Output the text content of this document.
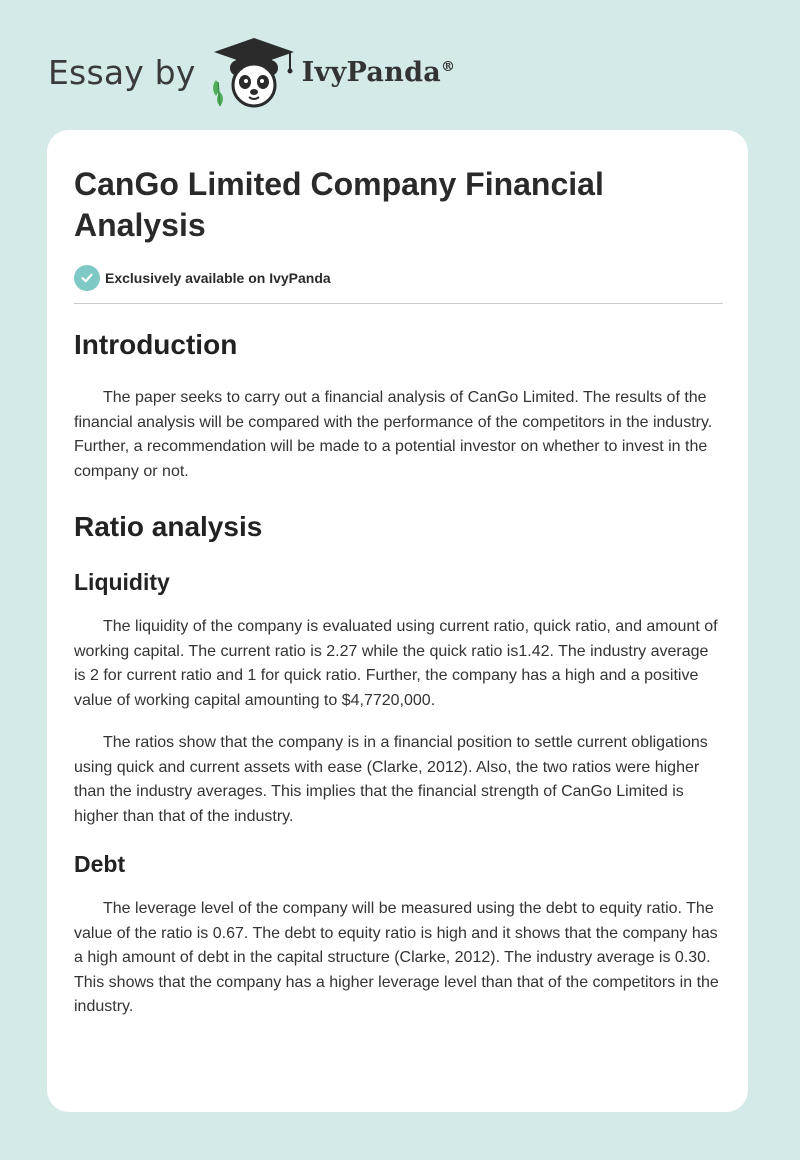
Essay by	IvyPanda®
CanGo Limited Company Financial Analysis
Exclusively available on IvyPanda
Introduction

The paper seeks to carry out a financial analysis of CanGo Limited. The results of the financial analysis will be compared with the performance of the competitors in the industry. Further, a recommendation will be made to a potential investor on whether to invest in the company or not.

Ratio analysis
Liquidity

The liquidity of the company is evaluated using current ratio, quick ratio, and amount of working capital. The current ratio is 2.27 while the quick ratio is1.42. The industry average is 2 for current ratio and 1 for quick ratio. Further, the company has a high and a positive value of working capital amounting to $4,7720,000.

The ratios show that the company is in a financial position to settle current obligations using quick and current assets with ease (Clarke, 2012). Also, the two ratios were higher than the industry averages. This implies that the financial strength of CanGo Limited is higher than that of the industry.

Debt

The leverage level of the company will be measured using the debt to equity ratio. The value of the ratio is 0.67. The debt to equity ratio is high and it shows that the company has a high amount of debt in the capital structure (Clarke, 2012). The industry average is 0.30. This shows that the company has a higher leverage level than that of the competitors in the industry.
